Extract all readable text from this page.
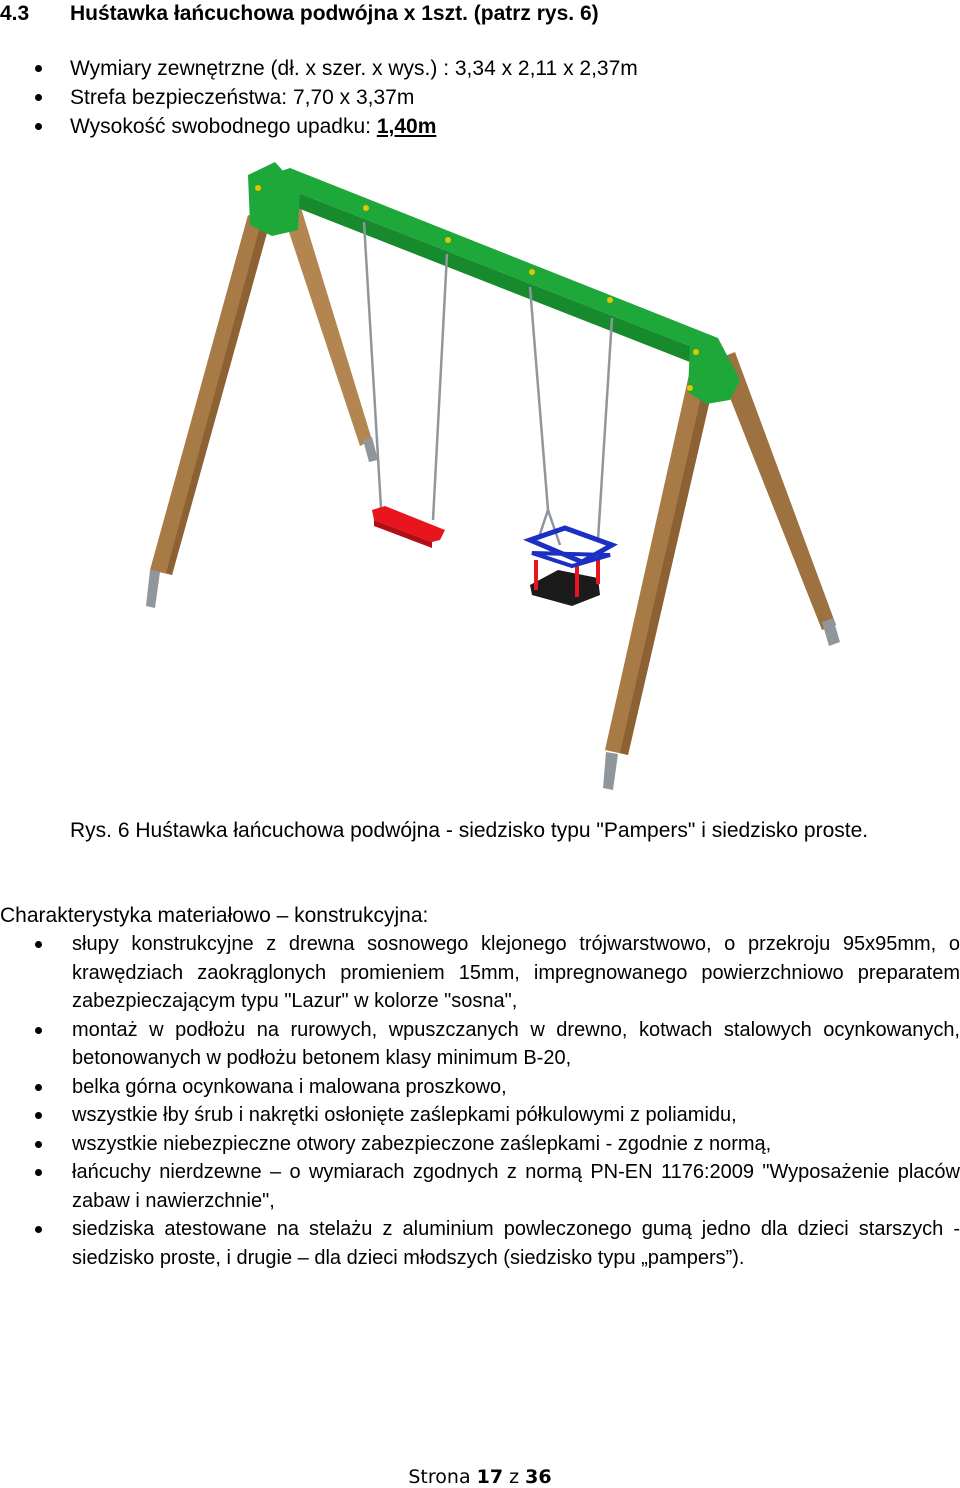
4.3 Huśtawka łańcuchowa podwójna x 1szt. (patrz rys. 6)
Wymiary zewnętrzne (dł. x szer. x wys.) : 3,34 x 2,11 x 2,37m
Strefa bezpieczeństwa: 7,70 x 3,37m
Wysokość swobodnego upadku: 1,40m
Rys. 6 Huśtawka łańcuchowa podwójna - siedzisko typu "Pampers" i siedzisko proste.
Charakterystyka materiałowo – konstrukcyjna:
słupy konstrukcyjne z drewna sosnowego klejonego trójwarstwowo, o przekroju 95x95mm, o krawędziach zaokrąglonych promieniem 15mm, impregnowanego powierzchniowo preparatem zabezpieczającym typu "Lazur" w kolorze "sosna",
montaż w podłożu na rurowych, wpuszczanych w drewno, kotwach stalowych ocynkowanych, betonowanych w podłożu betonem klasy minimum B-20,
belka górna ocynkowana i malowana proszkowo,
wszystkie łby śrub i nakrętki osłonięte zaślepkami półkulowymi z poliamidu,
wszystkie niebezpieczne otwory zabezpieczone zaślepkami - zgodnie z normą,
łańcuchy nierdzewne – o wymiarach zgodnych z normą PN-EN 1176:2009 "Wyposażenie placów zabaw i nawierzchnie",
siedziska atestowane na stelażu z aluminium powleczonego gumą jedno dla dzieci starszych - siedzisko proste, i drugie – dla dzieci młodszych (siedzisko typu „pampers”).
Strona 17 z 36
